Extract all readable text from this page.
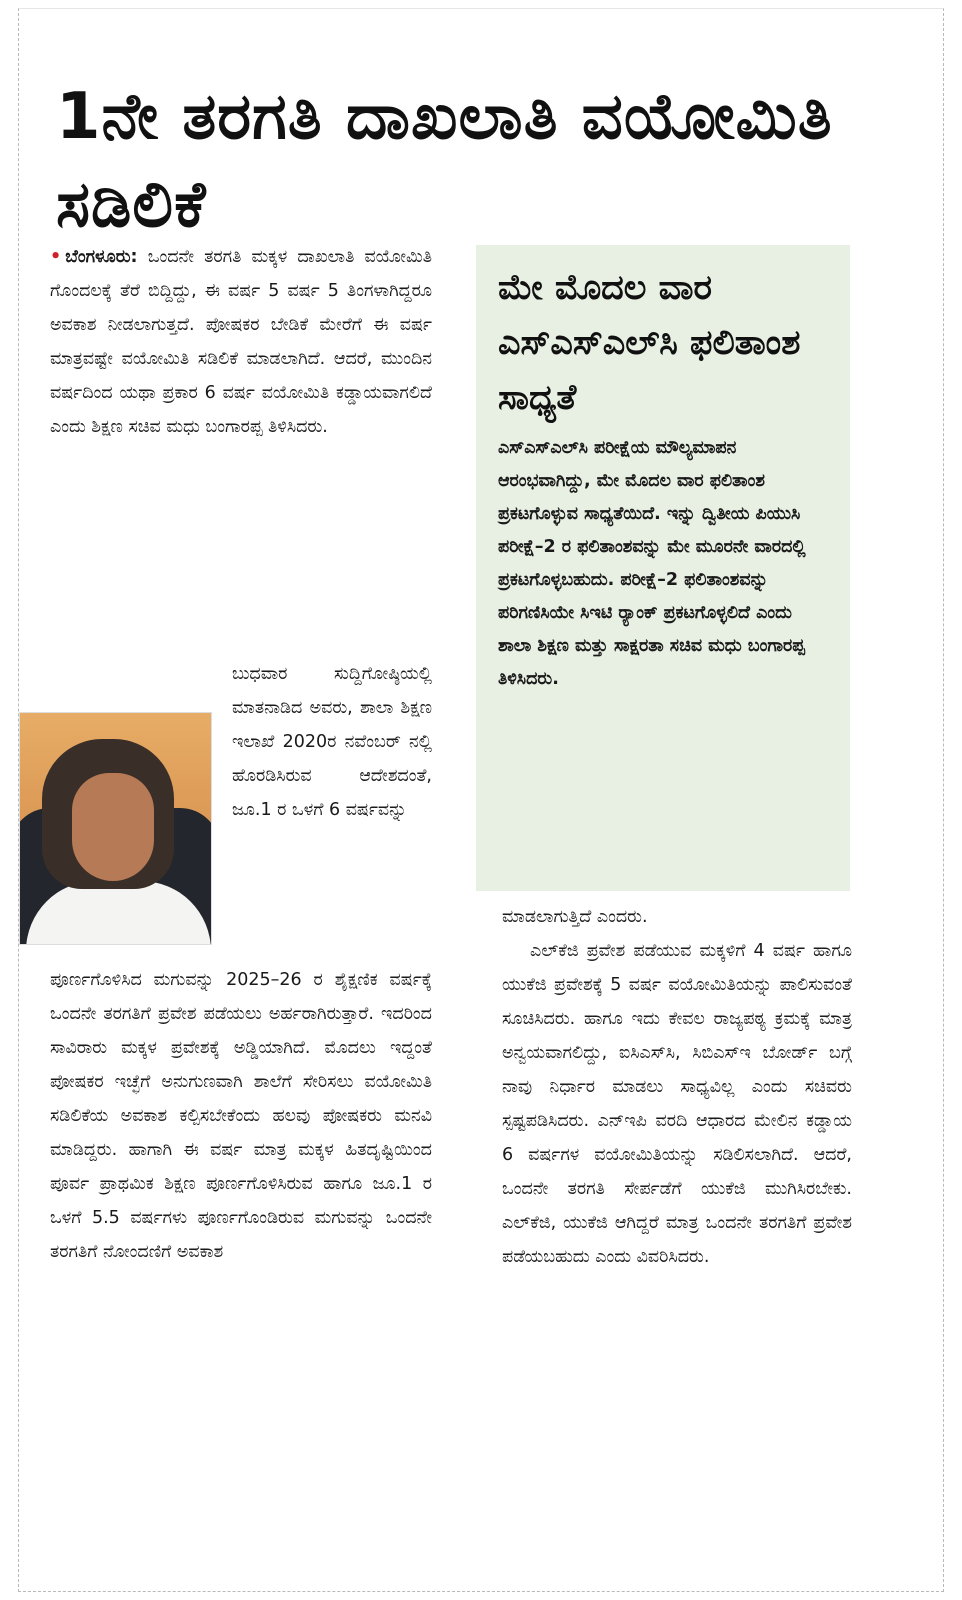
1ನೇ ತರಗತಿ ದಾಖಲಾತಿ ವಯೋಮಿತಿ ಸಡಿಲಿಕೆ

• ಬೆಂಗಳೂರು: ಒಂದನೇ ತರಗತಿ ಮಕ್ಕಳ ದಾಖಲಾತಿ ವಯೋಮಿತಿ ಗೊಂದಲಕ್ಕೆ ತೆರೆ ಬಿದ್ದಿದ್ದು, ಈ ವರ್ಷ 5 ವರ್ಷ 5 ತಿಂಗಳಾಗಿದ್ದರೂ ಅವಕಾಶ ನೀಡಲಾಗುತ್ತದೆ. ಪೋಷಕರ ಬೇಡಿಕೆ ಮೇರೆಗೆ ಈ ವರ್ಷ ಮಾತ್ರವಷ್ಟೇ ವಯೋಮಿತಿ ಸಡಿಲಿಕೆ ಮಾಡಲಾಗಿದೆ. ಆದರೆ, ಮುಂದಿನ ವರ್ಷದಿಂದ ಯಥಾ ಪ್ರಕಾರ 6 ವರ್ಷ ವಯೋಮಿತಿ ಕಡ್ಡಾಯವಾಗಲಿದೆ ಎಂದು ಶಿಕ್ಷಣ ಸಚಿವ ಮಧು ಬಂಗಾರಪ್ಪ ತಿಳಿಸಿದರು.

ಬುಧವಾರ ಸುದ್ದಿಗೋಷ್ಠಿಯಲ್ಲಿ ಮಾತನಾಡಿದ ಅವರು, ಶಾಲಾ ಶಿಕ್ಷಣ ಇಲಾಖೆ 2020ರ ನವೆಂಬರ್ ನಲ್ಲಿ ಹೊರಡಿಸಿರುವ ಆದೇಶದಂತೆ, ಜೂ.1 ರ ಒಳಗೆ 6 ವರ್ಷವನ್ನು
ಪೂರ್ಣಗೊಳಿಸಿದ ಮಗುವನ್ನು 2025–26 ರ ಶೈಕ್ಷಣಿಕ ವರ್ಷಕ್ಕೆ ಒಂದನೇ ತರಗತಿಗೆ ಪ್ರವೇಶ ಪಡೆಯಲು ಅರ್ಹರಾಗಿರುತ್ತಾರೆ. ಇದರಿಂದ ಸಾವಿರಾರು ಮಕ್ಕಳ ಪ್ರವೇಶಕ್ಕೆ ಅಡ್ಡಿಯಾಗಿದೆ. ಮೊದಲು ಇದ್ದಂತೆ ಪೋಷಕರ ಇಚ್ಛೆಗೆ ಅನುಗುಣವಾಗಿ ಶಾಲೆಗೆ ಸೇರಿಸಲು ವಯೋಮಿತಿ ಸಡಿಲಿಕೆಯ ಅವಕಾಶ ಕಲ್ಪಿಸಬೇಕೆಂದು ಹಲವು ಪೋಷಕರು ಮನವಿ ಮಾಡಿದ್ದರು. ಹಾಗಾಗಿ ಈ ವರ್ಷ ಮಾತ್ರ ಮಕ್ಕಳ ಹಿತದೃಷ್ಟಿಯಿಂದ ಪೂರ್ವ ಪ್ರಾಥಮಿಕ ಶಿಕ್ಷಣ ಪೂರ್ಣಗೊಳಿಸಿರುವ ಹಾಗೂ ಜೂ.1 ರ ಒಳಗೆ 5.5 ವರ್ಷಗಳು ಪೂರ್ಣಗೊಂಡಿರುವ ಮಗುವನ್ನು ಒಂದನೇ ತರಗತಿಗೆ ನೋಂದಣಿಗೆ ಅವಕಾಶ
ಮೇ ಮೊದಲ ವಾರ ಎಸ್‌ಎಸ್‌ಎಲ್‌ಸಿ ಫಲಿತಾಂಶ ಸಾಧ್ಯತೆ

ಎಸ್‌ಎಸ್‌ಎಲ್‌ಸಿ ಪರೀಕ್ಷೆಯ ಮೌಲ್ಯಮಾಪನ ಆರಂಭವಾಗಿದ್ದು, ಮೇ ಮೊದಲ ವಾರ ಫಲಿತಾಂಶ ಪ್ರಕಟಗೊಳ್ಳುವ ಸಾಧ್ಯತೆಯಿದೆ. ಇನ್ನು ದ್ವಿತೀಯ ಪಿಯುಸಿ ಪರೀಕ್ಷೆ–2 ರ ಫಲಿತಾಂಶವನ್ನು ಮೇ ಮೂರನೇ ವಾರದಲ್ಲಿ ಪ್ರಕಟಗೊಳ್ಳಬಹುದು. ಪರೀಕ್ಷೆ–2 ಫಲಿತಾಂಶವನ್ನು ಪರಿಗಣಿಸಿಯೇ ಸಿಇಟಿ ರ್‍ಯಾಂಕ್ ಪ್ರಕಟಗೊಳ್ಳಲಿದೆ ಎಂದು ಶಾಲಾ ಶಿಕ್ಷಣ ಮತ್ತು ಸಾಕ್ಷರತಾ ಸಚಿವ ಮಧು ಬಂಗಾರಪ್ಪ ತಿಳಿಸಿದರು.

ಮಾಡಲಾಗುತ್ತಿದೆ ಎಂದರು.

ಎಲ್‌ಕೆಜಿ ಪ್ರವೇಶ ಪಡೆಯುವ ಮಕ್ಕಳಿಗೆ 4 ವರ್ಷ ಹಾಗೂ ಯುಕೆಜಿ ಪ್ರವೇಶಕ್ಕೆ 5 ವರ್ಷ ವಯೋಮಿತಿಯನ್ನು ಪಾಲಿಸುವಂತೆ ಸೂಚಿಸಿದರು. ಹಾಗೂ ಇದು ಕೇವಲ ರಾಜ್ಯಪಠ್ಯ ಕ್ರಮಕ್ಕೆ ಮಾತ್ರ ಅನ್ವಯವಾಗಲಿದ್ದು, ಐಸಿಎಸ್‌ಸಿ, ಸಿಬಿಎಸ್‌ಇ ಬೋರ್ಡ್ ಬಗ್ಗೆ ನಾವು ನಿರ್ಧಾರ ಮಾಡಲು ಸಾಧ್ಯವಿಲ್ಲ ಎಂದು ಸಚಿವರು ಸ್ಪಷ್ಟಪಡಿಸಿದರು. ಎನ್‌ಇಪಿ ವರದಿ ಆಧಾರದ ಮೇಲಿನ ಕಡ್ಡಾಯ 6 ವರ್ಷಗಳ ವಯೋಮಿತಿಯನ್ನು ಸಡಿಲಿಸಲಾಗಿದೆ. ಆದರೆ, ಒಂದನೇ ತರಗತಿ ಸೇರ್ಪಡೆಗೆ ಯುಕೆಜಿ ಮುಗಿಸಿರಬೇಕು. ಎಲ್‌ಕೆಜಿ, ಯುಕೆಜಿ ಆಗಿದ್ದರೆ ಮಾತ್ರ ಒಂದನೇ ತರಗತಿಗೆ ಪ್ರವೇಶ ಪಡೆಯಬಹುದು ಎಂದು ವಿವರಿಸಿದರು.
